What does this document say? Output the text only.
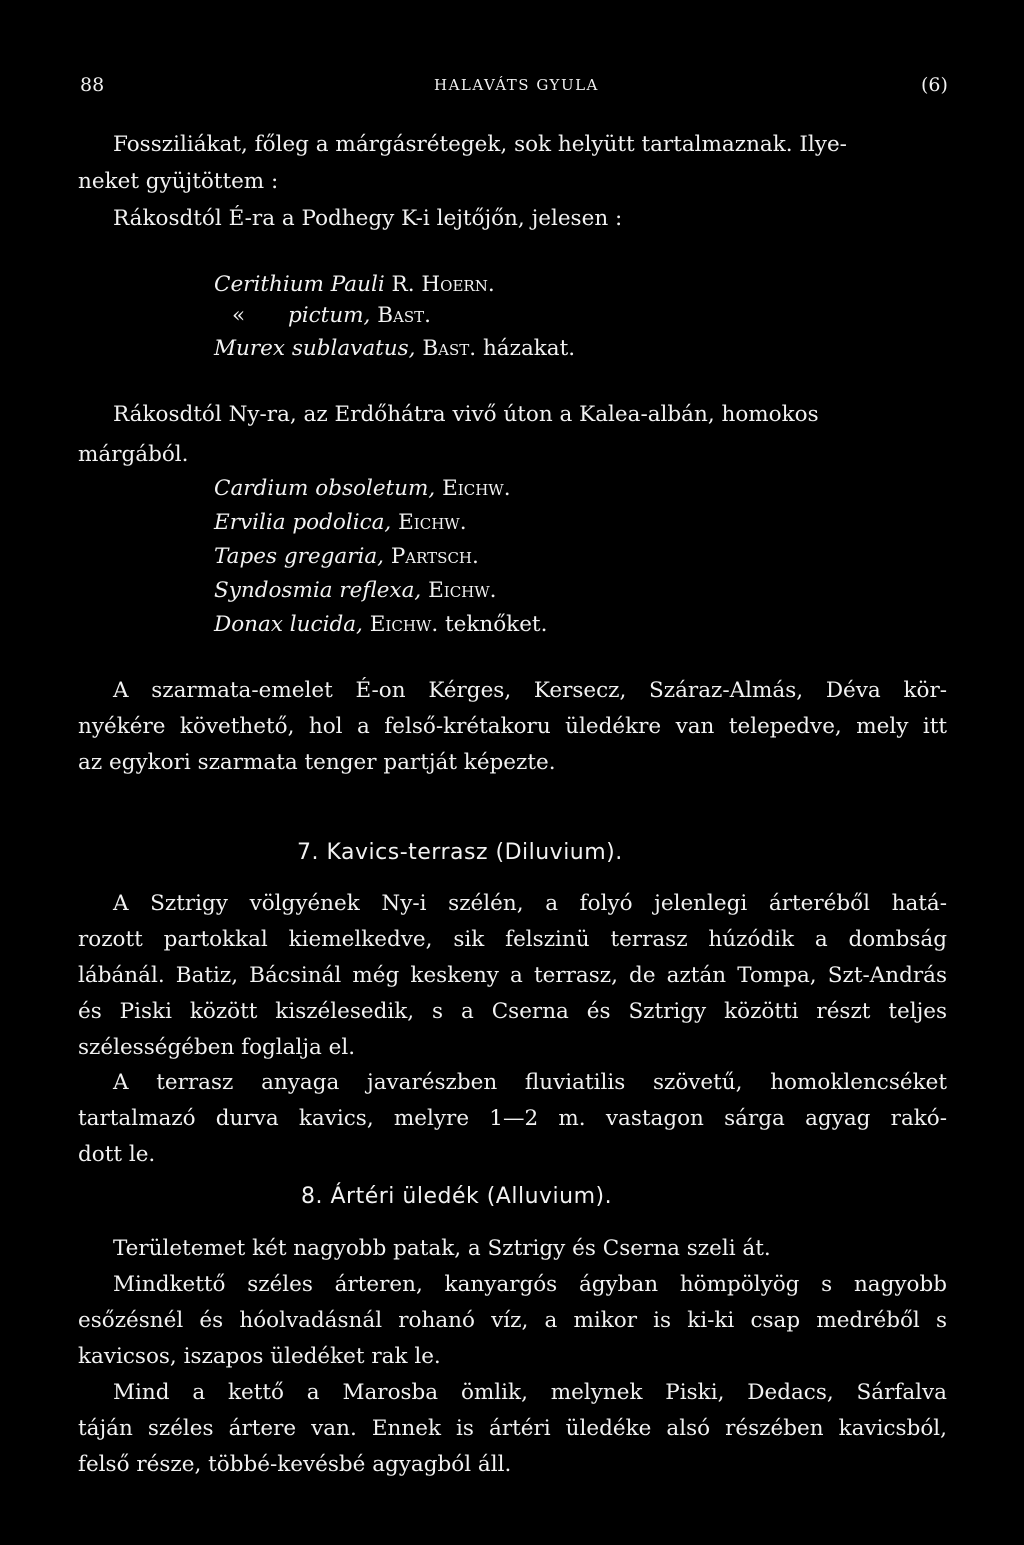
88	HALAVÁTS GYULA	(6)
Fossziliákat, főleg a márgásrétegek, sok helyütt tartalmaznak. Ilye-
neket gyüjtöttem :
Rákosdtól É-ra a Podhegy K-i lejtőjőn, jelesen :
Cerithium Pauli R. Hoern.
« pictum, Bast.
Murex sublavatus, Bast. házakat.
Rákosdtól Ny-ra, az Erdőhátra vivő úton a Kalea-albán, homokos
márgából.
Cardium obsoletum, Eichw.
Ervilia podolica, Eichw.
Tapes gregaria, Partsch.
Syndosmia reflexa, Eichw.
Donax lucida, Eichw. teknőket.
A szarmata-emelet É-on Kérges, Kersecz, Száraz-Almás, Déva kör-
nyékére követhető, hol a felső-krétakoru üledékre van telepedve, mely itt
az egykori szarmata tenger partját képezte.
7. Kavics-terrasz (Diluvium).
A Sztrigy völgyének Ny-i szélén, a folyó jelenlegi árteréből hatá-
rozott partokkal kiemelkedve, sik felszinü terrasz húzódik a dombság
lábánál. Batiz, Bácsinál még keskeny a terrasz, de aztán Tompa, Szt-András
és Piski között kiszélesedik, s a Cserna és Sztrigy közötti részt teljes
szélességében foglalja el.
A terrasz anyaga javarészben fluviatilis szövetű, homoklencséket
tartalmazó durva kavics, melyre 1—2 m. vastagon sárga agyag rakó-
dott le.
8. Ártéri üledék (Alluvium).
Területemet két nagyobb patak, a Sztrigy és Cserna szeli át.
Mindkettő széles árteren, kanyargós ágyban hömpölyög s nagyobb
esőzésnél és hóolvadásnál rohanó víz, a mikor is ki-ki csap medréből s
kavicsos, iszapos üledéket rak le.
Mind a kettő a Marosba ömlik, melynek Piski, Dedacs, Sárfalva
táján széles ártere van. Ennek is ártéri üledéke alsó részében kavicsból,
felső része, többé-kevésbé agyagból áll.
